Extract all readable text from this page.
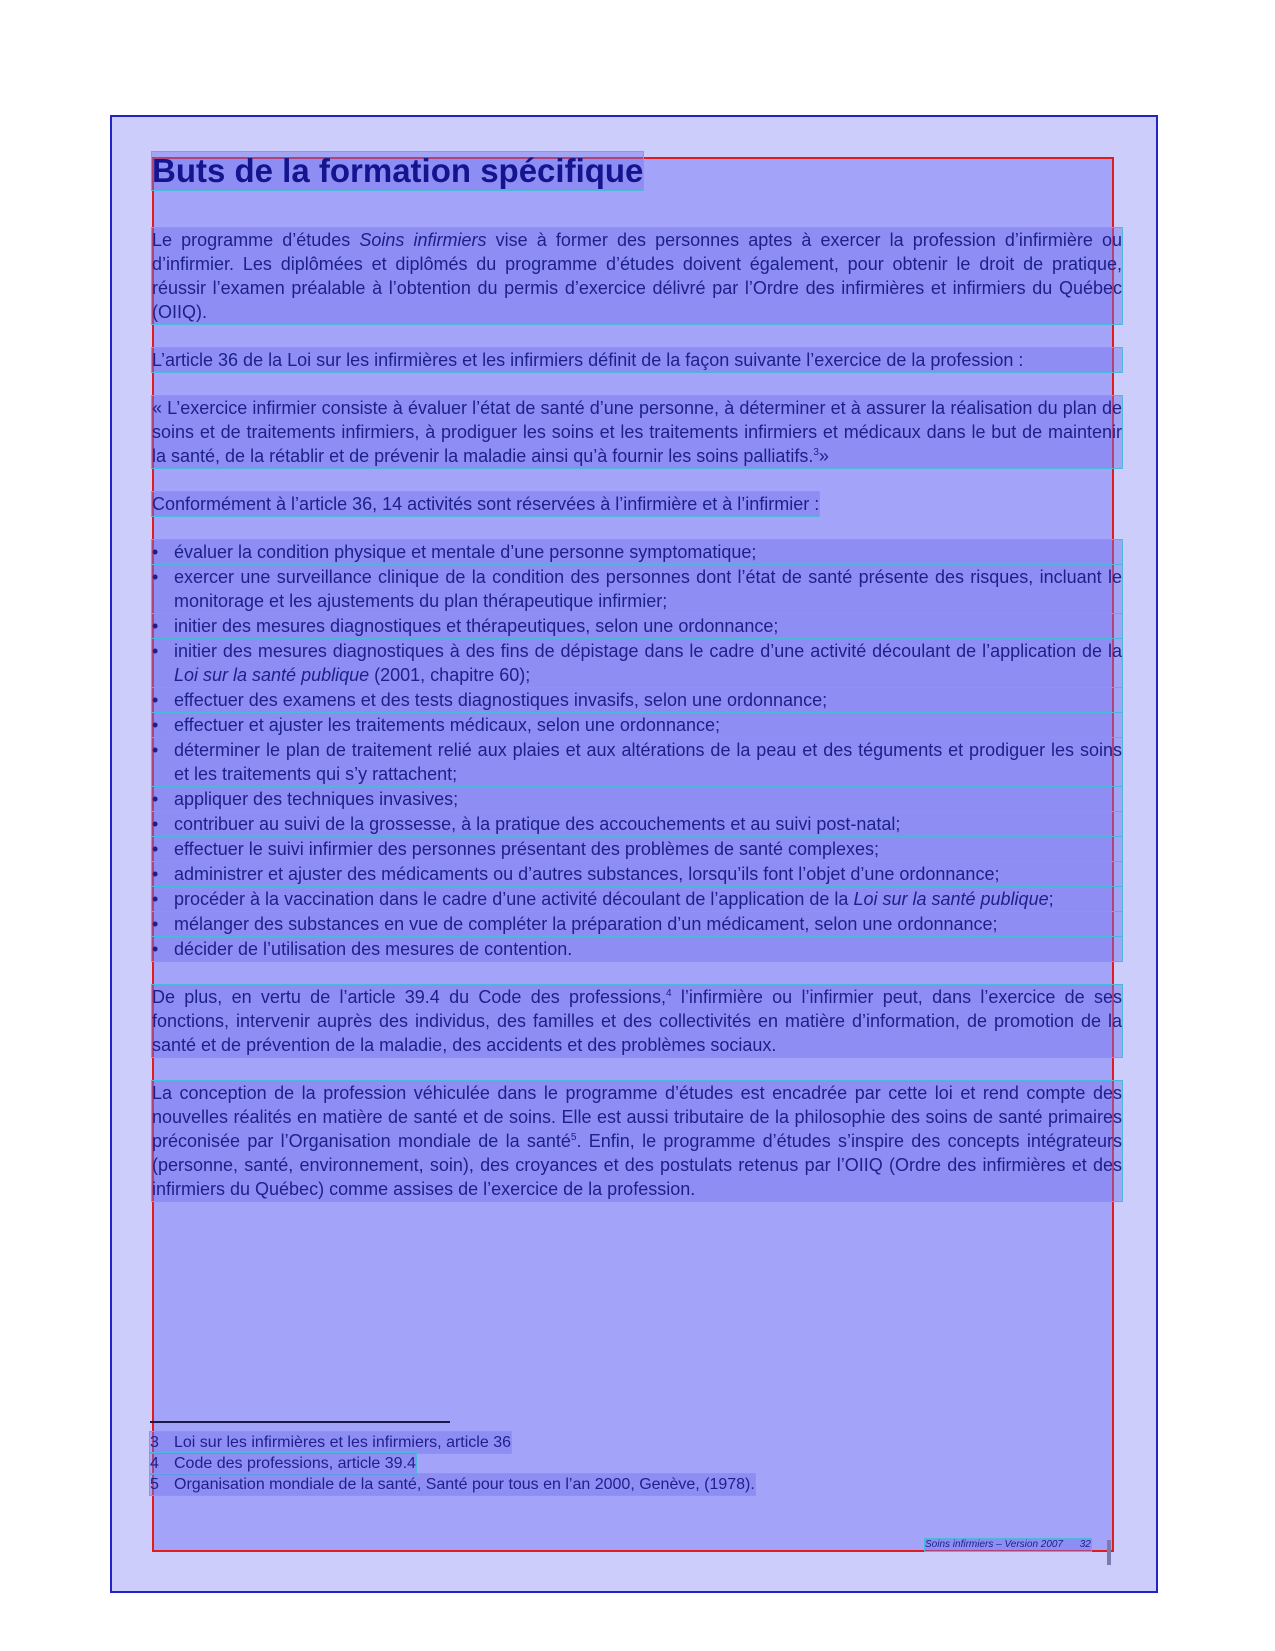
Buts de la formation spécifique

Le programme d’études Soins infirmiers vise à former des personnes aptes à exercer la profession d’infirmière ou d’infirmier. Les diplômées et diplômés du programme d’études doivent également, pour obtenir le droit de pratique, réussir l’examen préalable à l’obtention du permis d’exercice délivré par l’Ordre des infirmières et infirmiers du Québec (OIIQ).

L’article 36 de la Loi sur les infirmières et les infirmiers définit de la façon suivante l’exercice de la profession :

« L’exercice infirmier consiste à évaluer l’état de santé d’une personne, à déterminer et à assurer la réalisation du plan de soins et de traitements infirmiers, à prodiguer les soins et les traitements infirmiers et médicaux dans le but de maintenir la santé, de la rétablir et de prévenir la maladie ainsi qu’à fournir les soins palliatifs.$^3$»

Conformément à l’article 36, 14 activités sont réservées à l’infirmière et à l’infirmier :

• évaluer la condition physique et mentale d’une personne symptomatique;
• exercer une surveillance clinique de la condition des personnes dont l’état de santé présente des risques, incluant le monitorage et les ajustements du plan thérapeutique infirmier;
• initier des mesures diagnostiques et thérapeutiques, selon une ordonnance;
• initier des mesures diagnostiques à des fins de dépistage dans le cadre d’une activité découlant de l’application de la Loi sur la santé publique (2001, chapitre 60);
• effectuer des examens et des tests diagnostiques invasifs, selon une ordonnance;
• effectuer et ajuster les traitements médicaux, selon une ordonnance;
• déterminer le plan de traitement relié aux plaies et aux altérations de la peau et des téguments et prodiguer les soins et les traitements qui s’y rattachent;
• appliquer des techniques invasives;
• contribuer au suivi de la grossesse, à la pratique des accouchements et au suivi post-natal;
• effectuer le suivi infirmier des personnes présentant des problèmes de santé complexes;
• administrer et ajuster des médicaments ou d’autres substances, lorsqu’ils font l’objet d’une ordonnance;
• procéder à la vaccination dans le cadre d’une activité découlant de l’application de la Loi sur la santé publique;
• mélanger des substances en vue de compléter la préparation d’un médicament, selon une ordonnance;
• décider de l’utilisation des mesures de contention.

De plus, en vertu de l’article 39.4 du Code des professions,$^4$ l’infirmière ou l’infirmier peut, dans l’exercice de ses fonctions, intervenir auprès des individus, des familles et des collectivités en matière d’information, de promotion de la santé et de prévention de la maladie, des accidents et des problèmes sociaux.

La conception de la profession véhiculée dans le programme d’études est encadrée par cette loi et rend compte des nouvelles réalités en matière de santé et de soins. Elle est aussi tributaire de la philosophie des soins de santé primaires préconisée par l’Organisation mondiale de la santé$^5$. Enfin, le programme d’études s’inspire des concepts intégrateurs (personne, santé, environnement, soin), des croyances et des postulats retenus par l’OIIQ (Ordre des infirmières et des infirmiers du Québec) comme assises de l’exercice de la profession.

3 Loi sur les infirmières et les infirmiers, article 36
4 Code des professions, article 39.4
5 Organisation mondiale de la santé, Santé pour tous en l’an 2000, Genève, (1978).
Soins infirmiers – Version 2007 32
